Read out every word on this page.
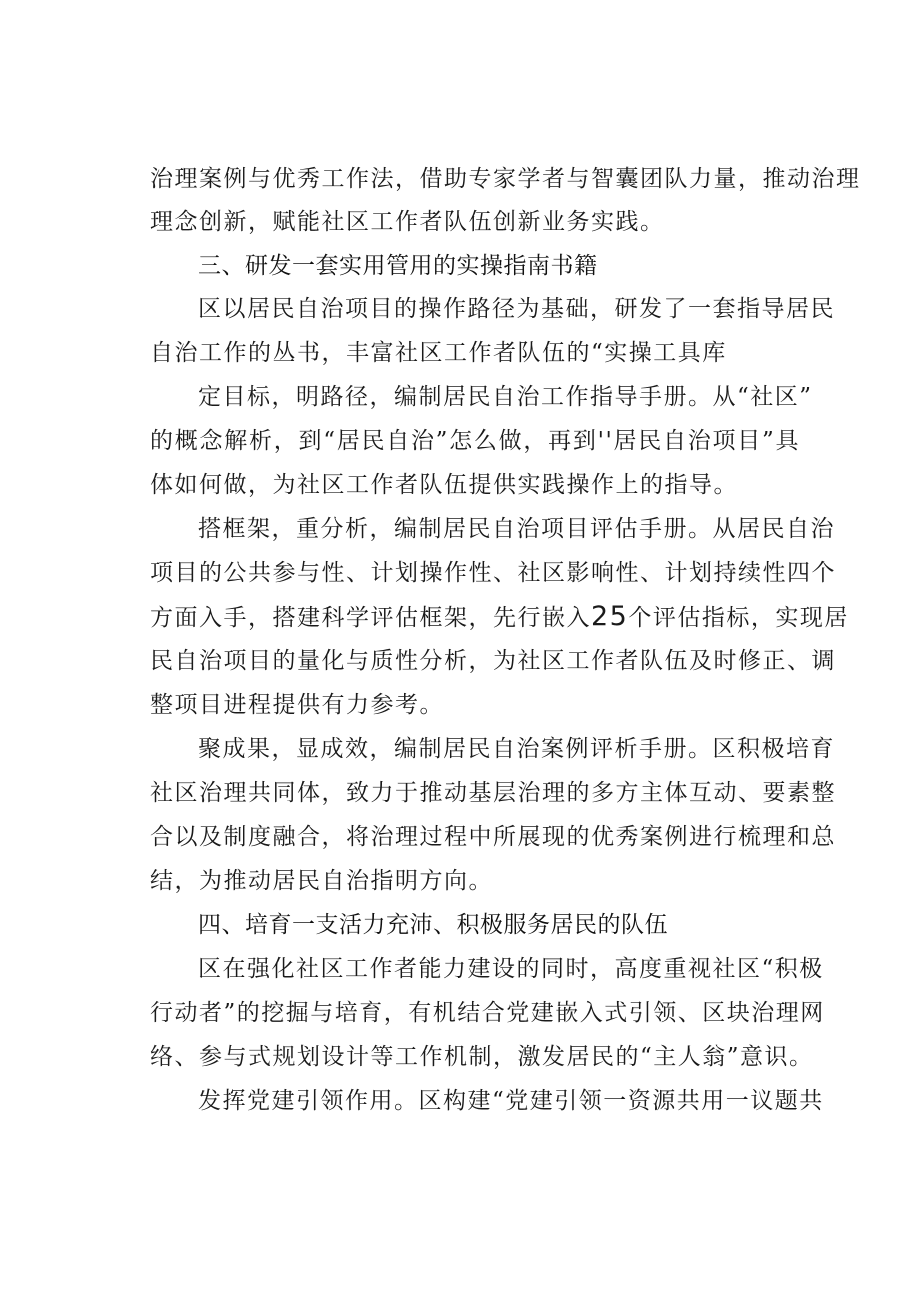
治理案例与优秀工作法，借助专家学者与智囊团队力量，推动治理
理念创新，赋能社区工作者队伍创新业务实践。
三、研发一套实用管用的实操指南书籍
区以居民自治项目的操作路径为基础，研发了一套指导居民
自治工作的丛书，丰富社区工作者队伍的“实操工具库
定目标，明路径，编制居民自治工作指导手册。从“社区”
的概念解析，到“居民自治”怎么做，再到''居民自治项目”具
体如何做，为社区工作者队伍提供实践操作上的指导。
搭框架，重分析，编制居民自治项目评估手册。从居民自治
项目的公共参与性、计划操作性、社区影响性、计划持续性四个
方面入手，搭建科学评估框架，先行嵌入25个评估指标，实现居
民自治项目的量化与质性分析，为社区工作者队伍及时修正、调
整项目进程提供有力参考。
聚成果，显成效，编制居民自治案例评析手册。区积极培育
社区治理共同体，致力于推动基层治理的多方主体互动、要素整
合以及制度融合，将治理过程中所展现的优秀案例进行梳理和总
结，为推动居民自治指明方向。
四、培育一支活力充沛、积极服务居民的队伍
区在强化社区工作者能力建设的同时，高度重视社区“积极
行动者”的挖掘与培育，有机结合党建嵌入式引领、区块治理网
络、参与式规划设计等工作机制，激发居民的“主人翁”意识。
发挥党建引领作用。区构建“党建引领一资源共用一议题共
